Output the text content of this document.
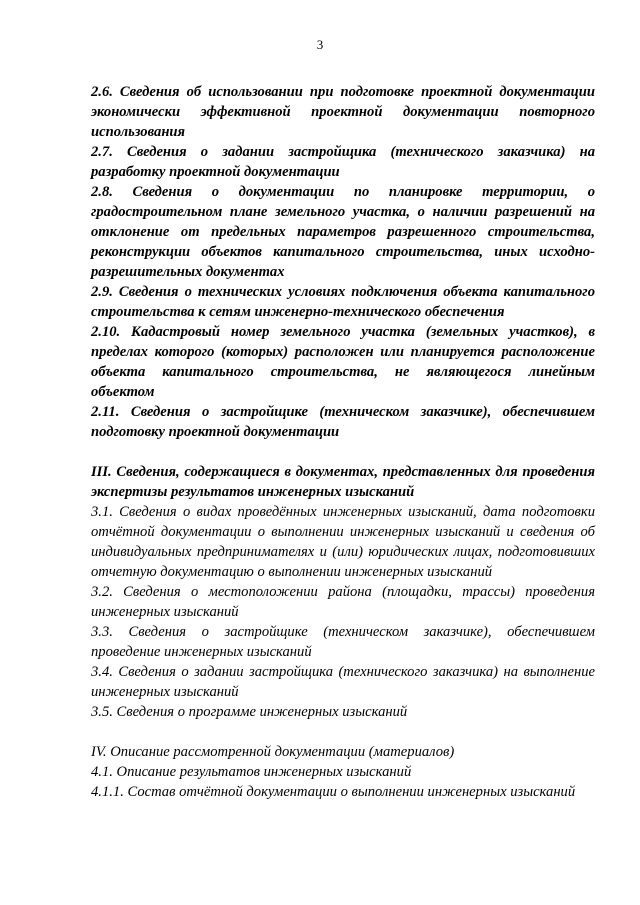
3

2.6. Сведения об использовании при подготовке проектной документации экономически эффективной проектной документации повторного использования

2.7. Сведения о задании застройщика (технического заказчика) на разработку проектной документации

2.8. Сведения о документации по планировке территории, о градостроительном плане земельного участка, о наличии разрешений на отклонение от предельных параметров разрешенного строительства, реконструкции объектов капитального строительства, иных исходно-разрешительных документах

2.9. Сведения о технических условиях подключения объекта капитального строительства к сетям инженерно-технического обеспечения

2.10. Кадастровый номер земельного участка (земельных участков), в пределах которого (которых) расположен или планируется расположение объекта капитального строительства, не являющегося линейным объектом

2.11. Сведения о застройщике (техническом заказчике), обеспечившем подготовку проектной документации

III. Сведения, содержащиеся в документах, представленных для проведения экспертизы результатов инженерных изысканий

3.1. Сведения о видах проведённых инженерных изысканий, дата подготовки отчётной документации о выполнении инженерных изысканий и сведения об индивидуальных предпринимателях и (или) юридических лицах, подготовивших отчетную документацию о выполнении инженерных изысканий

3.2. Сведения о местоположении района (площадки, трассы) проведения инженерных изысканий

3.3. Сведения о застройщике (техническом заказчике), обеспечившем проведение инженерных изысканий

3.4. Сведения о задании застройщика (технического заказчика) на выполнение инженерных изысканий

3.5. Сведения о программе инженерных изысканий

IV. Описание рассмотренной документации (материалов)

4.1. Описание результатов инженерных изысканий

4.1.1. Состав отчётной документации о выполнении инженерных изысканий
